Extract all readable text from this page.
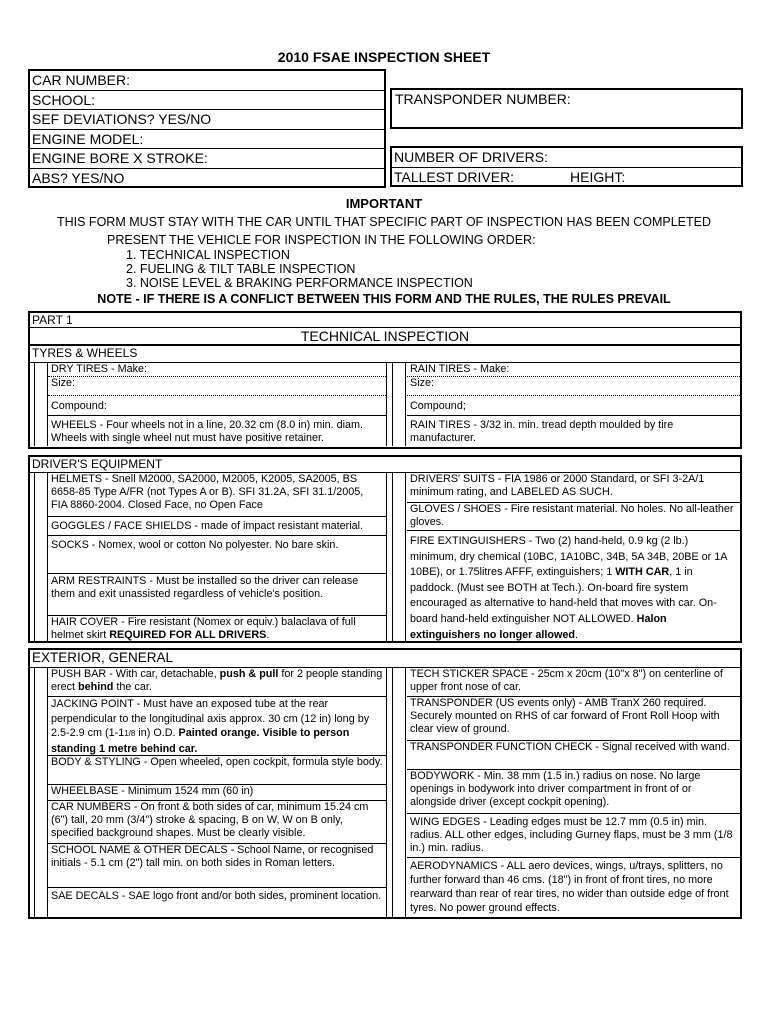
2010 FSAE INSPECTION SHEET
CAR NUMBER:
SCHOOL:
SEF DEVIATIONS? YES/NO
ENGINE MODEL:
ENGINE BORE X STROKE:
ABS? YES/NO
TRANSPONDER NUMBER:
NUMBER OF DRIVERS:
TALLEST DRIVER:	HEIGHT:
IMPORTANT
THIS FORM MUST STAY WITH THE CAR UNTIL THAT SPECIFIC PART OF INSPECTION HAS BEEN COMPLETED
PRESENT THE VEHICLE FOR INSPECTION IN THE FOLLOWING ORDER:
1. TECHNICAL INSPECTION
2. FUELING & TILT TABLE INSPECTION
3. NOISE LEVEL & BRAKING PERFORMANCE INSPECTION
NOTE - IF THERE IS A CONFLICT BETWEEN THIS FORM AND THE RULES, THE RULES PREVAIL
PART 1
TECHNICAL INSPECTION
TYRES & WHEELS
DRY TIRES - Make:
Size:
Compound:
WHEELS - Four wheels not in a line, 20.32 cm (8.0 in) min. diam. Wheels with single wheel nut must have positive retainer.
RAIN TIRES - Make:
Size:
Compound;
RAIN TIRES - 3/32 in. min. tread depth moulded by tire manufacturer.
DRIVER'S EQUIPMENT
HELMETS - Snell M2000, SA2000, M2005, K2005, SA2005, BS 6658-85 Type A/FR (not Types A or B). SFI 31.2A, SFI 31.1/2005, FIA 8860-2004. Closed Face, no Open Face
GOGGLES / FACE SHIELDS - made of impact resistant material.
SOCKS - Nomex, wool or cotton No polyester. No bare skin.
ARM RESTRAINTS - Must be installed so the driver can release them and exit unassisted regardless of vehicle's position.
HAIR COVER - Fire resistant (Nomex or equiv.) balaclava of full helmet skirt REQUIRED FOR ALL DRIVERS.
DRIVERS' SUITS - FIA 1986 or 2000 Standard, or SFI 3-2A/1 minimum rating, and LABELED AS SUCH.
GLOVES / SHOES - Fire resistant material. No holes. No all-leather gloves.
FIRE EXTINGUISHERS - Two (2) hand-held, 0.9 kg (2 lb.) minimum, dry chemical (10BC, 1A10BC, 34B, 5A 34B, 20BE or 1A 10BE), or 1.75litres AFFF, extinguishers; 1 WITH CAR, 1 in paddock. (Must see BOTH at Tech.). On-board fire system encouraged as alternative to hand-held that moves with car. On-board hand-held extinguisher NOT ALLOWED. Halon extinguishers no longer allowed.
EXTERIOR, GENERAL
PUSH BAR - With car, detachable, push & pull for 2 people standing erect behind the car.
JACKING POINT - Must have an exposed tube at the rear perpendicular to the longitudinal axis approx. 30 cm (12 in) long by 2.5-2.9 cm (1-11/8 in) O.D. Painted orange. Visible to person standing 1 metre behind car.
BODY & STYLING - Open wheeled, open cockpit, formula style body.
WHEELBASE - Minimum 1524 mm (60 in)
CAR NUMBERS - On front & both sides of car, minimum 15.24 cm (6") tall, 20 mm (3/4") stroke & spacing, B on W, W on B only, specified background shapes. Must be clearly visible.
SCHOOL NAME & OTHER DECALS - School Name, or recognised initials - 5.1 cm (2") tall min. on both sides in Roman letters.
SAE DECALS - SAE logo front and/or both sides, prominent location.
TECH STICKER SPACE - 25cm x 20cm (10"x 8") on centerline of upper front nose of car.
TRANSPONDER (US events only) - AMB TranX 260 required. Securely mounted on RHS of car forward of Front Roll Hoop with clear view of ground.
TRANSPONDER FUNCTION CHECK - Signal received with wand.
BODYWORK - Min. 38 mm (1.5 in.) radius on nose. No large openings in bodywork into driver compartment in front of or alongside driver (except cockpit opening).
WING EDGES - Leading edges must be 12.7 mm (0.5 in) min. radius. ALL other edges, including Gurney flaps, must be 3 mm (1/8 in.) min. radius.
AERODYNAMICS - ALL aero devices, wings, u/trays, splitters, no further forward than 46 cms. (18") in front of front tires, no more rearward than rear of rear tires, no wider than outside edge of front tyres. No power ground effects.
